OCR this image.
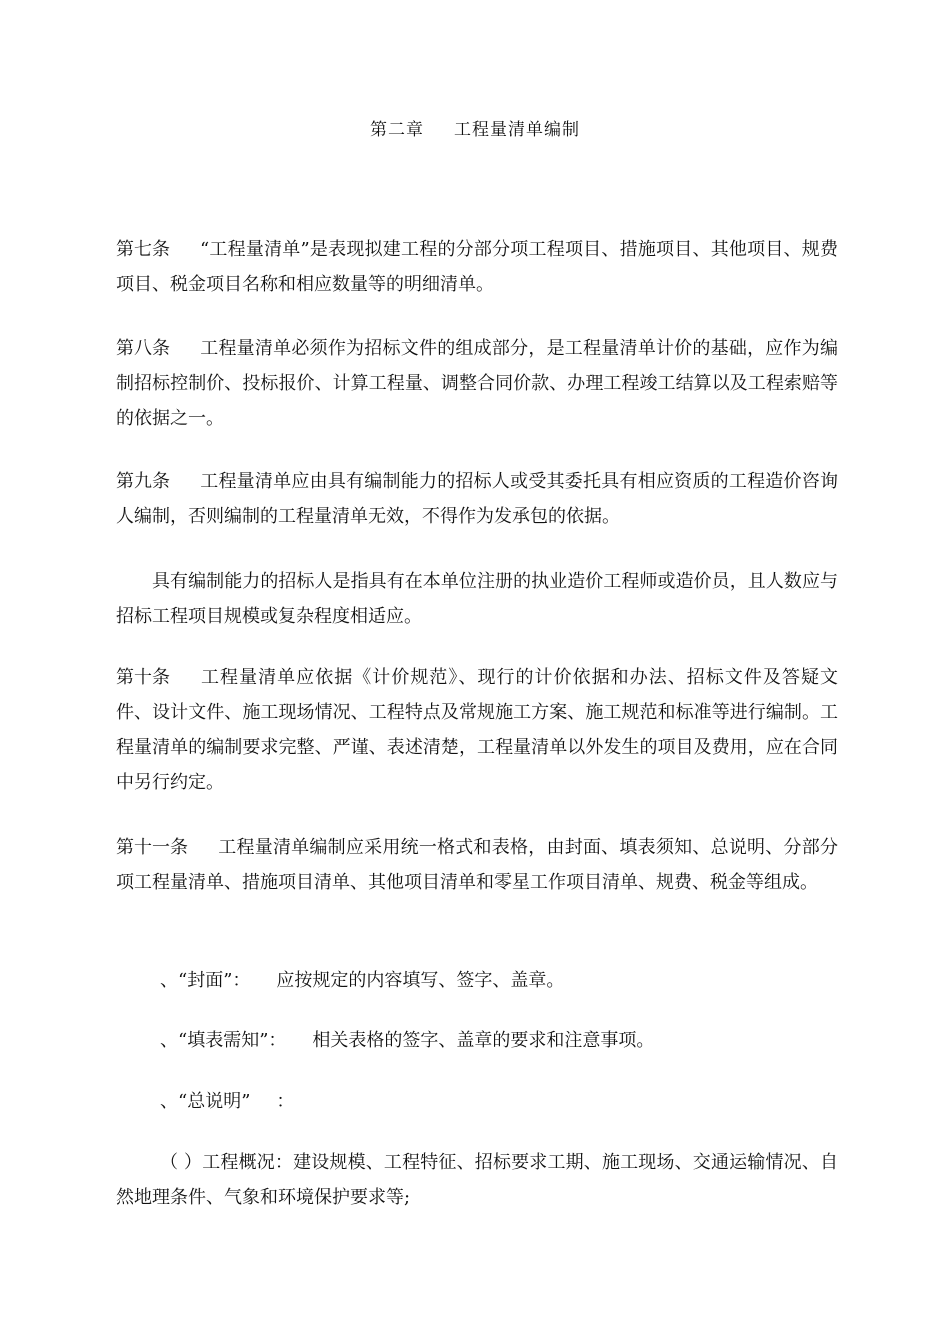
第二章 工程量清单编制
第七条 “工程量清单”是表现拟建工程的分部分项工程项目、措施项目、其他项目、规费项目、税金项目名称和相应数量等的明细清单。
第八条 工程量清单必须作为招标文件的组成部分，是工程量清单计价的基础，应作为编制招标控制价、投标报价、计算工程量、调整合同价款、办理工程竣工结算以及工程索赔等的依据之一。
第九条 工程量清单应由具有编制能力的招标人或受其委托具有相应资质的工程造价咨询人编制，否则编制的工程量清单无效，不得作为发承包的依据。
具有编制能力的招标人是指具有在本单位注册的执业造价工程师或造价员，且人数应与招标工程项目规模或复杂程度相适应。
第十条 工程量清单应依据《计价规范》、现行的计价依据和办法、招标文件及答疑文件、设计文件、施工现场情况、工程特点及常规施工方案、施工规范和标准等进行编制。工程量清单的编制要求完整、严谨、表述清楚，工程量清单以外发生的项目及费用，应在合同中另行约定。
第十一条 工程量清单编制应采用统一格式和表格，由封面、填表须知、总说明、分部分项工程量清单、措施项目清单、其他项目清单和零星工作项目清单、规费、税金等组成。
、“封面”： 应按规定的内容填写、签字、盖章。
、“填表需知”： 相关表格的签字、盖章的要求和注意事项。
、“总说明” ：
（ ）工程概况：建设规模、工程特征、招标要求工期、施工现场、交通运输情况、自然地理条件、气象和环境保护要求等;
